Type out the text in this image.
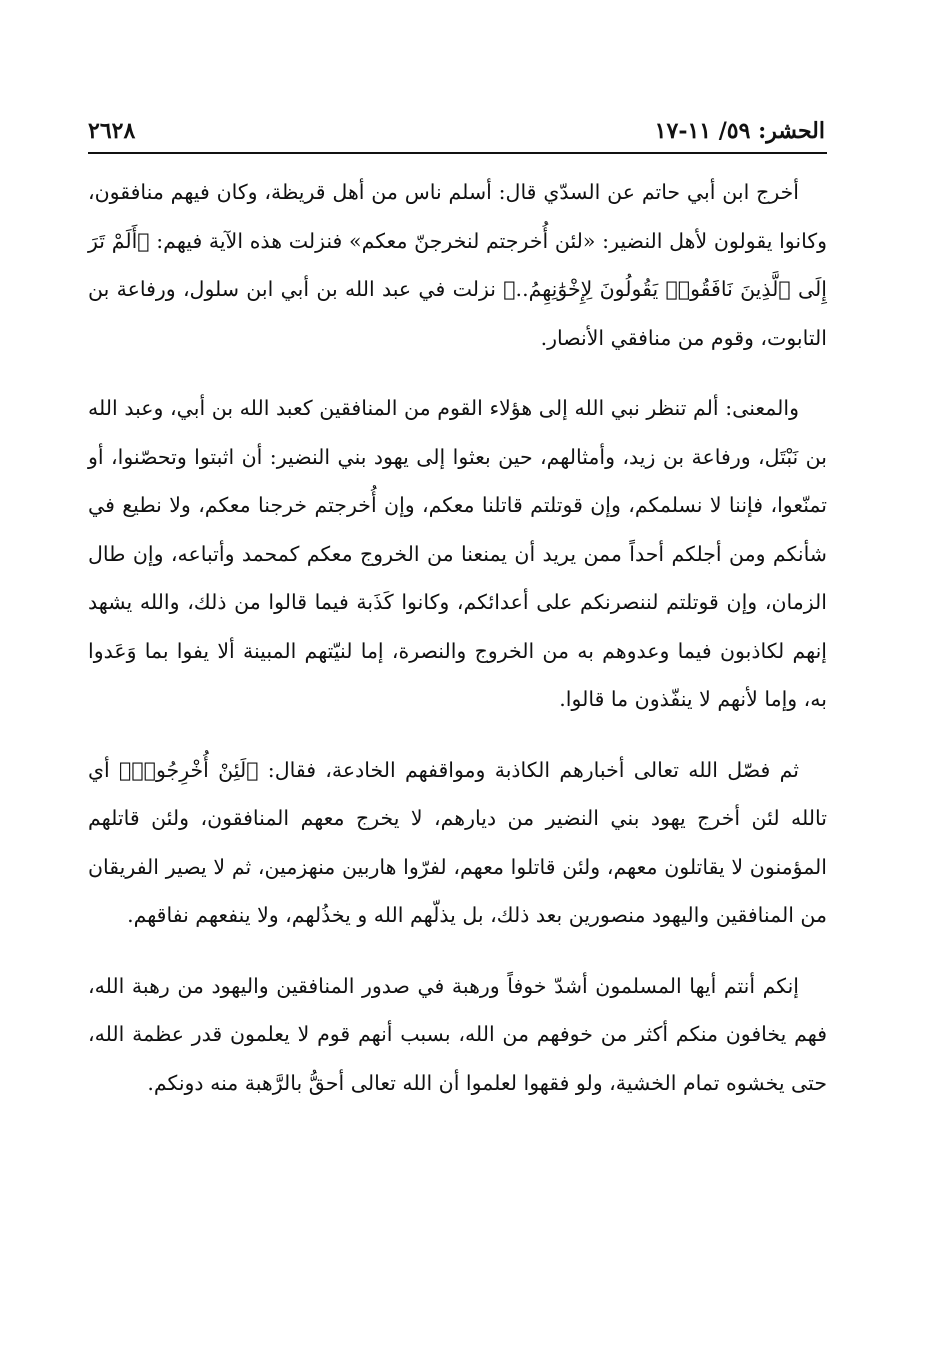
الحشر: ٥٩/ ١١-١٧
٢٦٢٨

أخرج ابن أبي حاتم عن السدّي قال: أسلم ناس من أهل قريظة، وكان فيهم منافقون، وكانوا يقولون لأهل النضير: «لئن أُخرجتم لنخرجنّ معكم» فنزلت هذه الآية فيهم: ﴿أَلَمْ تَرَ إِلَى ٱلَّذِينَ نَافَقُوا۟ يَقُولُونَ لِإِخْوَٰنِهِمُ..﴾ نزلت في عبد الله بن أبي ابن سلول، ورفاعة بن التابوت، وقوم من منافقي الأنصار.

والمعنى: ألم تنظر نبي الله إلى هؤلاء القوم من المنافقين كعبد الله بن أبي، وعبد الله بن نَبْتَل، ورفاعة بن زيد، وأمثالهم، حين بعثوا إلى يهود بني النضير: أن اثبتوا وتحصّنوا، أو تمنّعوا، فإننا لا نسلمكم، وإن قوتلتم قاتلنا معكم، وإن أُخرجتم خرجنا معكم، ولا نطيع في شأنكم ومن أجلكم أحداً ممن يريد أن يمنعنا من الخروج معكم كمحمد وأتباعه، وإن طال الزمان، وإن قوتلتم لننصرنكم على أعدائكم، وكانوا كَذَبة فيما قالوا من ذلك، والله يشهد إنهم لكاذبون فيما وعدوهم به من الخروج والنصرة، إما لنيّتهم المبينة ألا يفوا بما وَعَدوا به، وإما لأنهم لا ينفّذون ما قالوا.

ثم فصّل الله تعالى أخبارهم الكاذبة ومواقفهم الخادعة، فقال: ﴿لَئِنْ أُخْرِجُوا۟﴾ أي تالله لئن أخرج يهود بني النضير من ديارهم، لا يخرج معهم المنافقون، ولئن قاتلهم المؤمنون لا يقاتلون معهم، ولئن قاتلوا معهم، لفرّوا هاربين منهزمين، ثم لا يصير الفريقان من المنافقين واليهود منصورين بعد ذلك، بل يذلّهم الله و يخذُلهم، ولا ينفعهم نفاقهم.

إنكم أنتم أيها المسلمون أشدّ خوفاً ورهبة في صدور المنافقين واليهود من رهبة الله، فهم يخافون منكم أكثر من خوفهم من الله، بسبب أنهم قوم لا يعلمون قدر عظمة الله، حتى يخشوه تمام الخشية، ولو فقهوا لعلموا أن الله تعالى أحقُّ بالرَّهبة منه دونكم.
